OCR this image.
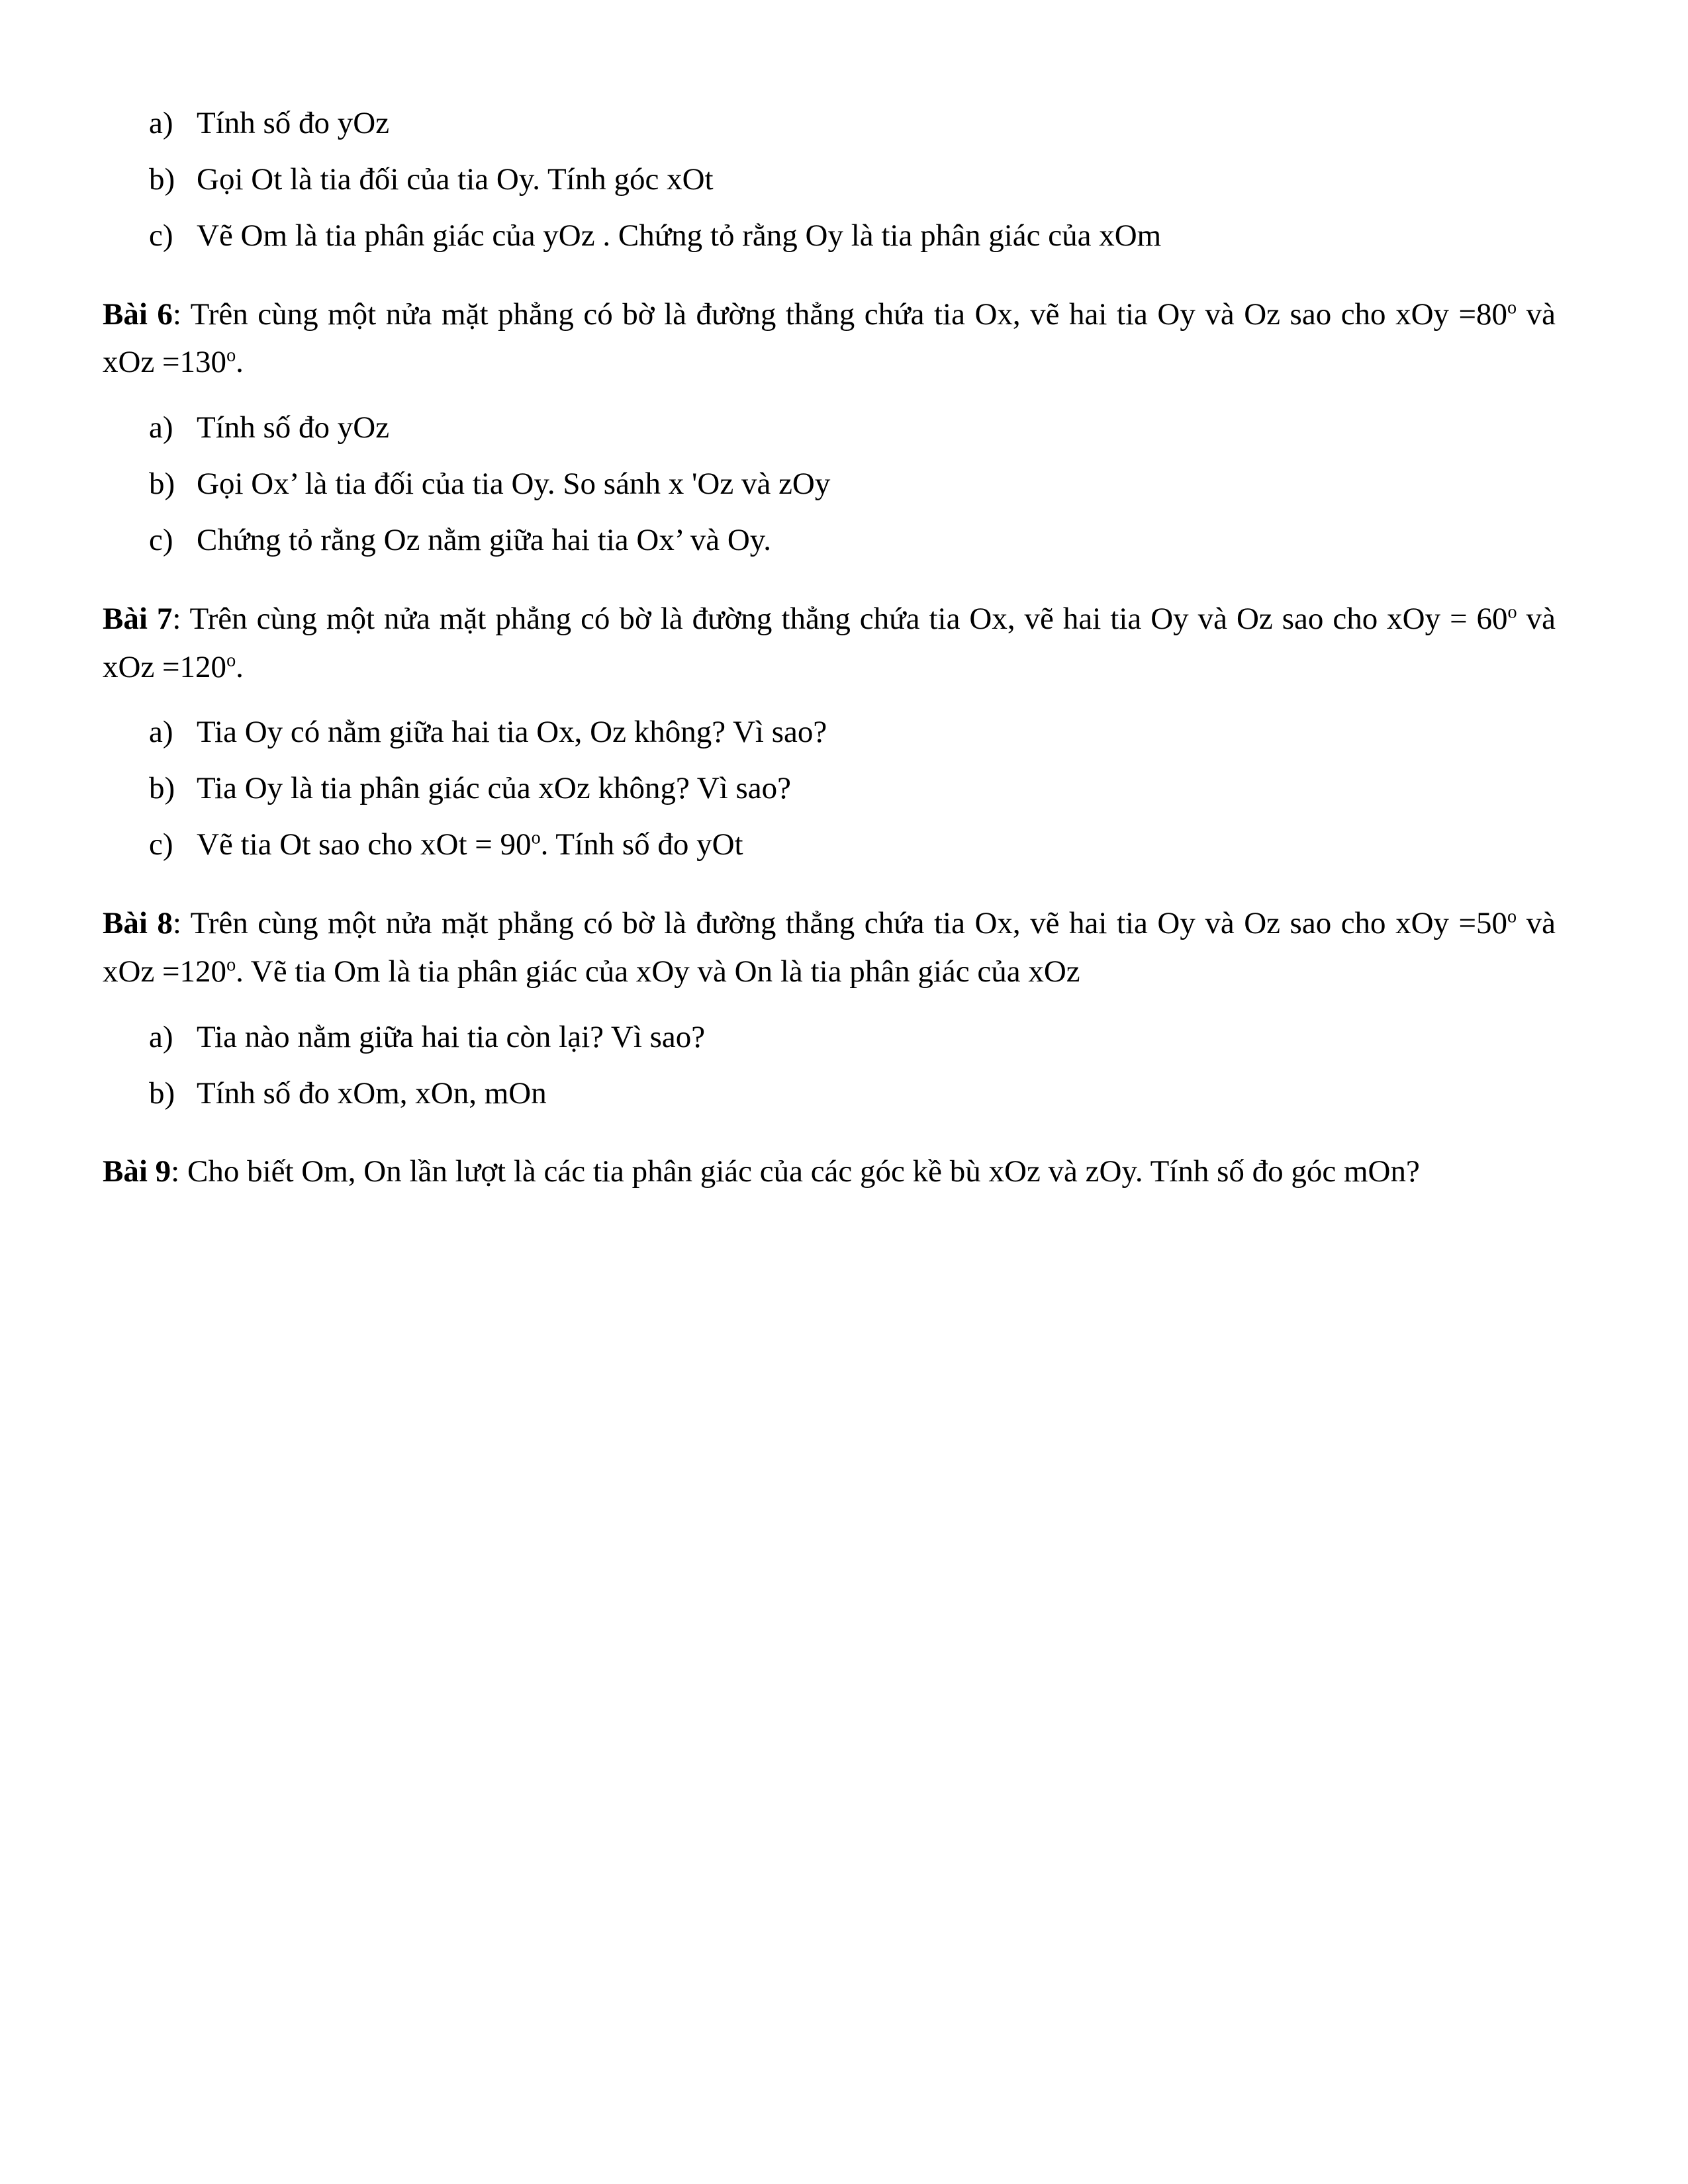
a) Tính số đo yOz
b) Gọi Ot là tia đối của tia Oy. Tính góc xOt
c) Vẽ Om là tia phân giác của yOz . Chứng tỏ rằng Oy là tia phân giác của xOm

Bài 6: Trên cùng một nửa mặt phẳng có bờ là đường thẳng chứa tia Ox, vẽ hai tia Oy và Oz sao cho xOy $=80^o$ và xOz $=130^o$.

a) Tính số đo yOz
b) Gọi Ox’ là tia đối của tia Oy. So sánh x 'Oz và zOy
c) Chứng tỏ rằng Oz nằm giữa hai tia Ox’ và Oy.

Bài 7: Trên cùng một nửa mặt phẳng có bờ là đường thẳng chứa tia Ox, vẽ hai tia Oy và Oz sao cho xOy = $60^o$ và xOz $=120^o$.

a) Tia Oy có nằm giữa hai tia Ox, Oz không? Vì sao?
b) Tia Oy là tia phân giác của xOz không? Vì sao?
c) Vẽ tia Ot sao cho xOt = $90^o$. Tính số đo yOt

Bài 8: Trên cùng một nửa mặt phẳng có bờ là đường thẳng chứa tia Ox, vẽ hai tia Oy và Oz sao cho xOy $=50^o$ và xOz $=120^o$. Vẽ tia Om là tia phân giác của xOy và On là tia phân giác của xOz

a) Tia nào nằm giữa hai tia còn lại? Vì sao?
b) Tính số đo xOm, xOn, mOn

Bài 9: Cho biết Om, On lần lượt là các tia phân giác của các góc kề bù xOz và zOy. Tính số đo góc mOn?
